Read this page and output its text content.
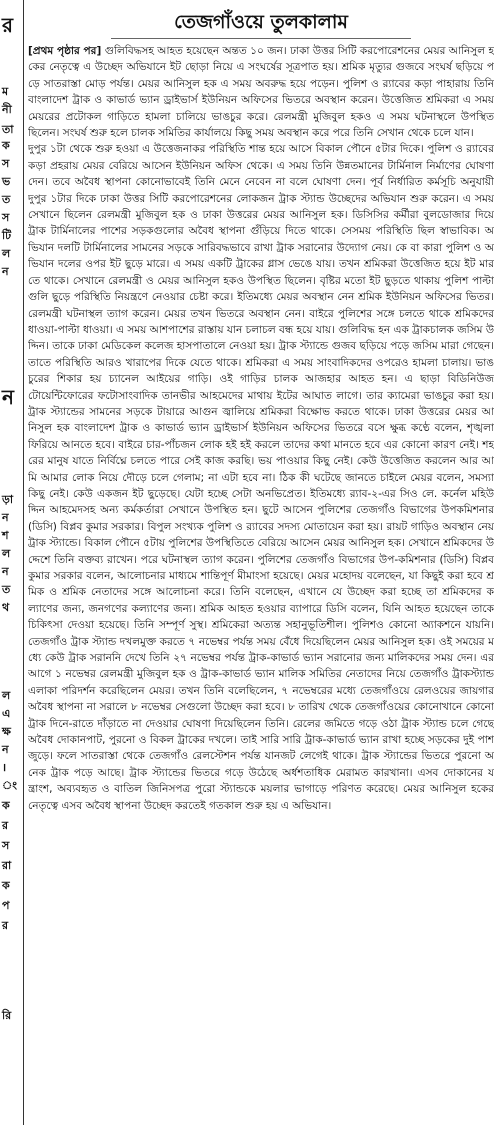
র
ম
নী
তা
ক
স
ভ
ত
স
টি
ল
ন
ন
ড়া
ন
শ
ল
ন
ত
থ
ল
এ
ক্ষ
ন
।
ং
ক
র
স
রা
ক
প
র
রি
তেজগাঁওয়ে তুলকালাম

[প্রথম পৃষ্ঠার পর] গুলিবিদ্ধসহ আহত হয়েছেন অন্তত ১০ জন। ঢাকা উত্তর সিটি করপোরেশনের মেয়র আনিসুল হকের নেতৃত্বে এ উচ্ছেদ অভিযানে ইট ছোড়া নিয়ে এ সংঘর্ষের সূত্রপাত হয়। শ্রমিক মৃত্যুর গুজবে সংঘর্ষ ছড়িয়ে পড়ে সাতরাস্তা মোড় পর্যন্ত। মেয়র আনিসুল হক এ সময় অবরুদ্ধ হয়ে পড়েন। পুলিশ ও র‌্যাবের কড়া পাহারায় তিনি বাংলাদেশ ট্রাক ও কাভার্ড ভ্যান ড্রাইভার্স ইউনিয়ন অফিসের ভিতরে অবস্থান করেন। উত্তেজিত শ্রমিকরা এ সময় মেয়রের প্রটোকল গাড়িতে হামলা চালিয়ে ভাঙচুর করে। রেলমন্ত্রী মুজিবুল হকও এ সময় ঘটনাস্থলে উপস্থিত ছিলেন। সংঘর্ষ শুরু হলে চালক সমিতির কার্যালয়ে কিছু সময় অবস্থান করে পরে তিনি সেখান থেকে চলে যান।

দুপুর ১টা থেকে শুরু হওয়া এ উত্তেজনাকর পরিস্থিতি শান্ত হয়ে আসে বিকাল পৌনে ৫টার দিকে। পুলিশ ও র‌্যাবের কড়া প্রহরায় মেয়র বেরিয়ে আসেন ইউনিয়ন অফিস থেকে। এ সময় তিনি উন্নতমানের টার্মিনাল নির্মাণের ঘোষণা দেন। তবে অবৈধ স্থাপনা কোনোভাবেই তিনি মেনে নেবেন না বলে ঘোষণা দেন। পূর্ব নির্ধারিত কর্মসূচি অনুযায়ী দুপুর ১টার দিকে ঢাকা উত্তর সিটি করপোরেশনের লোকজন ট্রাক স্ট্যান্ড উচ্ছেদের অভিযান শুরু করেন। এ সময় সেখানে ছিলেন রেলমন্ত্রী মুজিবুল হক ও ঢাকা উত্তরের মেয়র আনিসুল হক। ডিসিসির কর্মীরা বুলডোজার দিয়ে ট্রাক টার্মিনালের পাশের সড়কগুলোর অবৈধ স্থাপনা গুঁড়িয়ে দিতে থাকে। সেসময় পরিস্থিতি ছিল স্বাভাবিক। অভিযান দলটি টার্মিনালের সামনের সড়কে সারিবদ্ধভাবে রাখা ট্রাক সরানোর উদ্যোগ নেয়। কে বা কারা পুলিশ ও অভিযান দলের ওপর ইট ছুড়ে মারে। এ সময় একটি ট্রাকের গ্লাস ভেঙে যায়। তখন শ্রমিকরা উত্তেজিত হয়ে ইট মারতে থাকে। সেখানে রেলমন্ত্রী ও মেয়র আনিসুল হকও উপস্থিত ছিলেন। বৃষ্টির মতো ইট ছুড়তে থাকায় পুলিশ পাল্টা গুলি ছুড়ে পরিস্থিতি নিয়ন্ত্রণে নেওয়ার চেষ্টা করে। ইতিমধ্যে মেয়র অবস্থান নেন শ্রমিক ইউনিয়ন অফিসের ভিতর। রেলমন্ত্রী ঘটনাস্থল ত্যাগ করেন। মেয়র তখন ভিতরে অবস্থান নেন। বাইরে পুলিশের সঙ্গে চলতে থাকে শ্রমিকদের ধাওয়া-পাল্টা ধাওয়া। এ সময় আশপাশের রাস্তায় যান চলাচল বন্ধ হয়ে যায়। গুলিবিদ্ধ হন এক ট্রাকচালক জসিম উদ্দিন। তাকে ঢাকা মেডিকেল কলেজ হাসপাতালে নেওয়া হয়। ট্রাক স্ট্যান্ডে গুজব ছড়িয়ে পড়ে জসিম মারা গেছেন। তাতে পরিস্থিতি আরও খারাপের দিকে যেতে থাকে। শ্রমিকরা এ সময় সাংবাদিকদের ওপরেও হামলা চালায়। ভাঙচুরের শিকার হয় চ্যানেল আইয়ের গাড়ি। ওই গাড়ির চালক আজহার আহত হন। এ ছাড়া বিডিনিউজ টোয়েন্টিফোরের ফটোসাংবাদিক তানভীর আহমেদের মাথায় ইটের আঘাত লাগে। তার ক্যামেরা ভাঙচুর করা হয়। ট্রাক স্ট্যান্ডের সামনের সড়কে টায়ারে আগুন জ্বালিয়ে শ্রমিকরা বিক্ষোভ করতে থাকে। ঢাকা উত্তরের মেয়র আনিসুল হক বাংলাদেশ ট্রাক ও কাভার্ড ভ্যান ড্রাইভার্স ইউনিয়ন অফিসের ভিতরে বসে ক্ষুব্ধ কণ্ঠে বলেন, শৃঙ্খলা ফিরিয়ে আনতে হবে। বাইরে চার-পাঁচজন লোক হই হই করলে তাদের কথা মানতে হবে এর কোনো কারণ নেই। শহরের মানুষ যাতে নির্বিঘ্নে চলতে পারে সেই কাজ করছি। ভয় পাওয়ার কিছু নেই। কেউ উত্তেজিত করলেন আর আমি আমার লোক নিয়ে দৌড়ে চলে গেলাম; না এটা হবে না। ঠিক কী ঘটেছে জানতে চাইলে মেয়র বলেন, সমস্যা কিছু নেই। কেউ একজন ইট ছুড়েছে। যেটা হচ্ছে সেটা অনভিপ্রেত। ইতিমধ্যে র‌্যাব-২-এর সিও লে. কর্নেল মহিউদ্দিন আহমেদসহ অন্য কর্মকর্তারা সেখানে উপস্থিত হন। ছুটে আসেন পুলিশের তেজগাঁও বিভাগের উপকমিশনার (ডিসি) বিপ্লব কুমার সরকার। বিপুল সংখ্যক পুলিশ ও র‌্যাবের সদস্য মোতায়েন করা হয়। রায়ট গাড়িও অবস্থান নেয় ট্রাক স্ট্যান্ডে। বিকাল পৌনে ৫টায় পুলিশের উপস্থিতিতে বেরিয়ে আসেন মেয়র আনিসুল হক। সেখানে শ্রমিকদের উদ্দেশে তিনি বক্তব্য রাখেন। পরে ঘটনাস্থল ত্যাগ করেন। পুলিশের তেজগাঁও বিভাগের উপ-কমিশনার (ডিসি) বিপ্লব কুমার সরকার বলেন, আলোচনার মাধ্যমে শান্তিপূর্ণ মীমাংসা হয়েছে। মেয়র মহোদয় বলেছেন, যা কিছুই করা হবে শ্রমিক ও শ্রমিক নেতাদের সঙ্গে আলোচনা করে। তিনি বলেছেন, এখানে যে উচ্ছেদ করা হচ্ছে তা শ্রমিকদের কল্যাণের জন্য, জনগণের কল্যাণের জন্য। শ্রমিক আহত হওয়ার ব্যাপারে ডিসি বলেন, যিনি আহত হয়েছেন তাকে চিকিৎসা দেওয়া হয়েছে। তিনি সম্পূর্ণ সুস্থ। শ্রমিকেরা অত্যন্ত সহানুভূতিশীল। পুলিশও কোনো অ্যাকশনে যায়নি। তেজগাঁও ট্রাক স্ট্যান্ড দখলমুক্ত করতে ৭ নভেম্বর পর্যন্ত সময় বেঁধে দিয়েছিলেন মেয়র আনিসুল হক। ওই সময়ের মধ্যে কেউ ট্রাক সরাননি দেখে তিনি ২৭ নভেম্বর পর্যন্ত ট্রাক-কাভার্ড ভ্যান সরানোর জন্য মালিকদের সময় দেন। এর আগে ১ নভেম্বর রেলমন্ত্রী মুজিবুল হক ও ট্রাক-কাভার্ড ভ্যান মালিক সমিতির নেতাদের নিয়ে তেজগাঁও ট্রাকস্ট্যান্ড এলাকা পরিদর্শন করেছিলেন মেয়র। তখন তিনি বলেছিলেন, ৭ নভেম্বরের মধ্যে তেজগাঁওয়ে রেলওয়ের জায়গার অবৈধ স্থাপনা না সরালে ৮ নভেম্বর সেগুলো উচ্ছেদ করা হবে। ৮ তারিখ থেকে তেজগাঁওয়ের কোনোখানে কোনো ট্রাক দিনে-রাতে দাঁড়াতে না দেওয়ার ঘোষণা দিয়েছিলেন তিনি। রেলের জমিতে গড়ে ওঠা ট্রাক স্ট্যান্ড চলে গেছে অবৈধ দোকানপাট, পুরনো ও বিকল ট্রাকের দখলে। তাই সারি সারি ট্রাক-কাভার্ড ভ্যান রাখা হচ্ছে সড়কের দুই পাশ জুড়ে। ফলে সাতরাস্তা থেকে তেজগাঁও রেলস্টেশন পর্যন্ত যানজট লেগেই থাকে। ট্রাক স্ট্যান্ডের ভিতরে পুরনো অনেক ট্রাক পড়ে আছে। ট্রাক স্ট্যান্ডের ভিতরে গড়ে উঠেছে অর্ধশতাধিক মেরামত কারখানা। এসব দোকানের যন্ত্রাংশ, অব্যবহৃত ও বাতিল জিনিসপত্র পুরো স্ট্যান্ডকে ময়লার ভাগাড়ে পরিণত করেছে। মেয়র আনিসুল হকের নেতৃত্বে এসব অবৈধ স্থাপনা উচ্ছেদ করতেই গতকাল শুরু হয় এ অভিযান।
